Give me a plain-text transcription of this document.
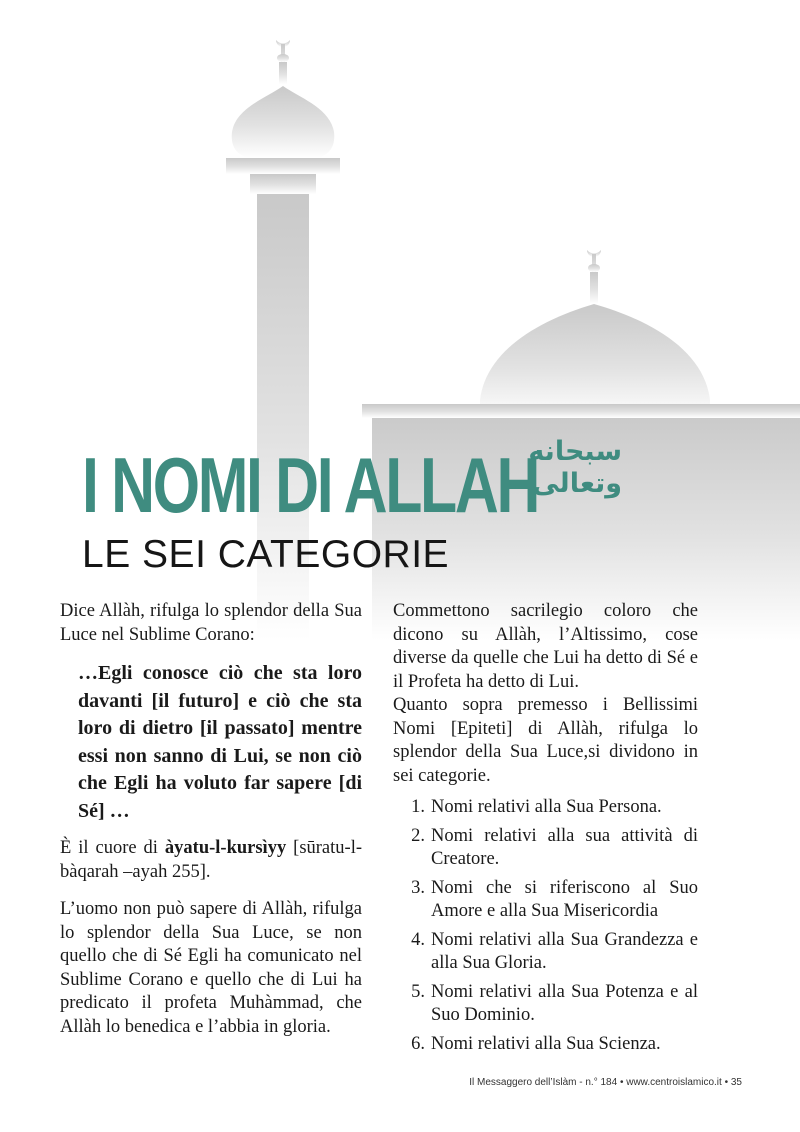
I NOMI DI ALLAH
سبحانه وتعالى
LE SEI CATEGORIE

Dice Allàh, rifulga lo splendor della Sua Luce nel Sublime Corano:

…Egli conosce ciò che sta loro davanti [il futuro] e ciò che sta loro di dietro [il passato] mentre essi non sanno di Lui, se non ciò che Egli ha voluto far sapere [di Sé] …

È il cuore di àyatu-l-kursìyy [sūratu-l-bàqarah –ayah 255].

L’uomo non può sapere di Allàh, rifulga lo splendor della Sua Luce, se non quello che di Sé Egli ha comunicato nel Sublime Corano e quello che di Lui ha predicato il profeta Muhàmmad, che Allàh lo benedica e l’abbia in gloria.

Commettono sacrilegio coloro che dicono su Allàh, l’Altissimo, cose diverse da quelle che Lui ha detto di Sé e il Profeta ha detto di Lui.

Quanto sopra premesso i Bellissimi Nomi [Epiteti] di Allàh, rifulga lo splendor della Sua Luce,si dividono in sei categorie.

1. Nomi relativi alla Sua Persona.
2. Nomi relativi alla sua attività di Creatore.
3. Nomi che si riferiscono al Suo Amore e alla Sua Misericordia
4. Nomi relativi alla Sua Grandezza e alla Sua Gloria.
5. Nomi relativi alla Sua Potenza e al Suo Dominio.
6. Nomi relativi alla Sua Scienza.
Il Messaggero dell’Islàm - n.° 184 • www.centroislamico.it • 35
